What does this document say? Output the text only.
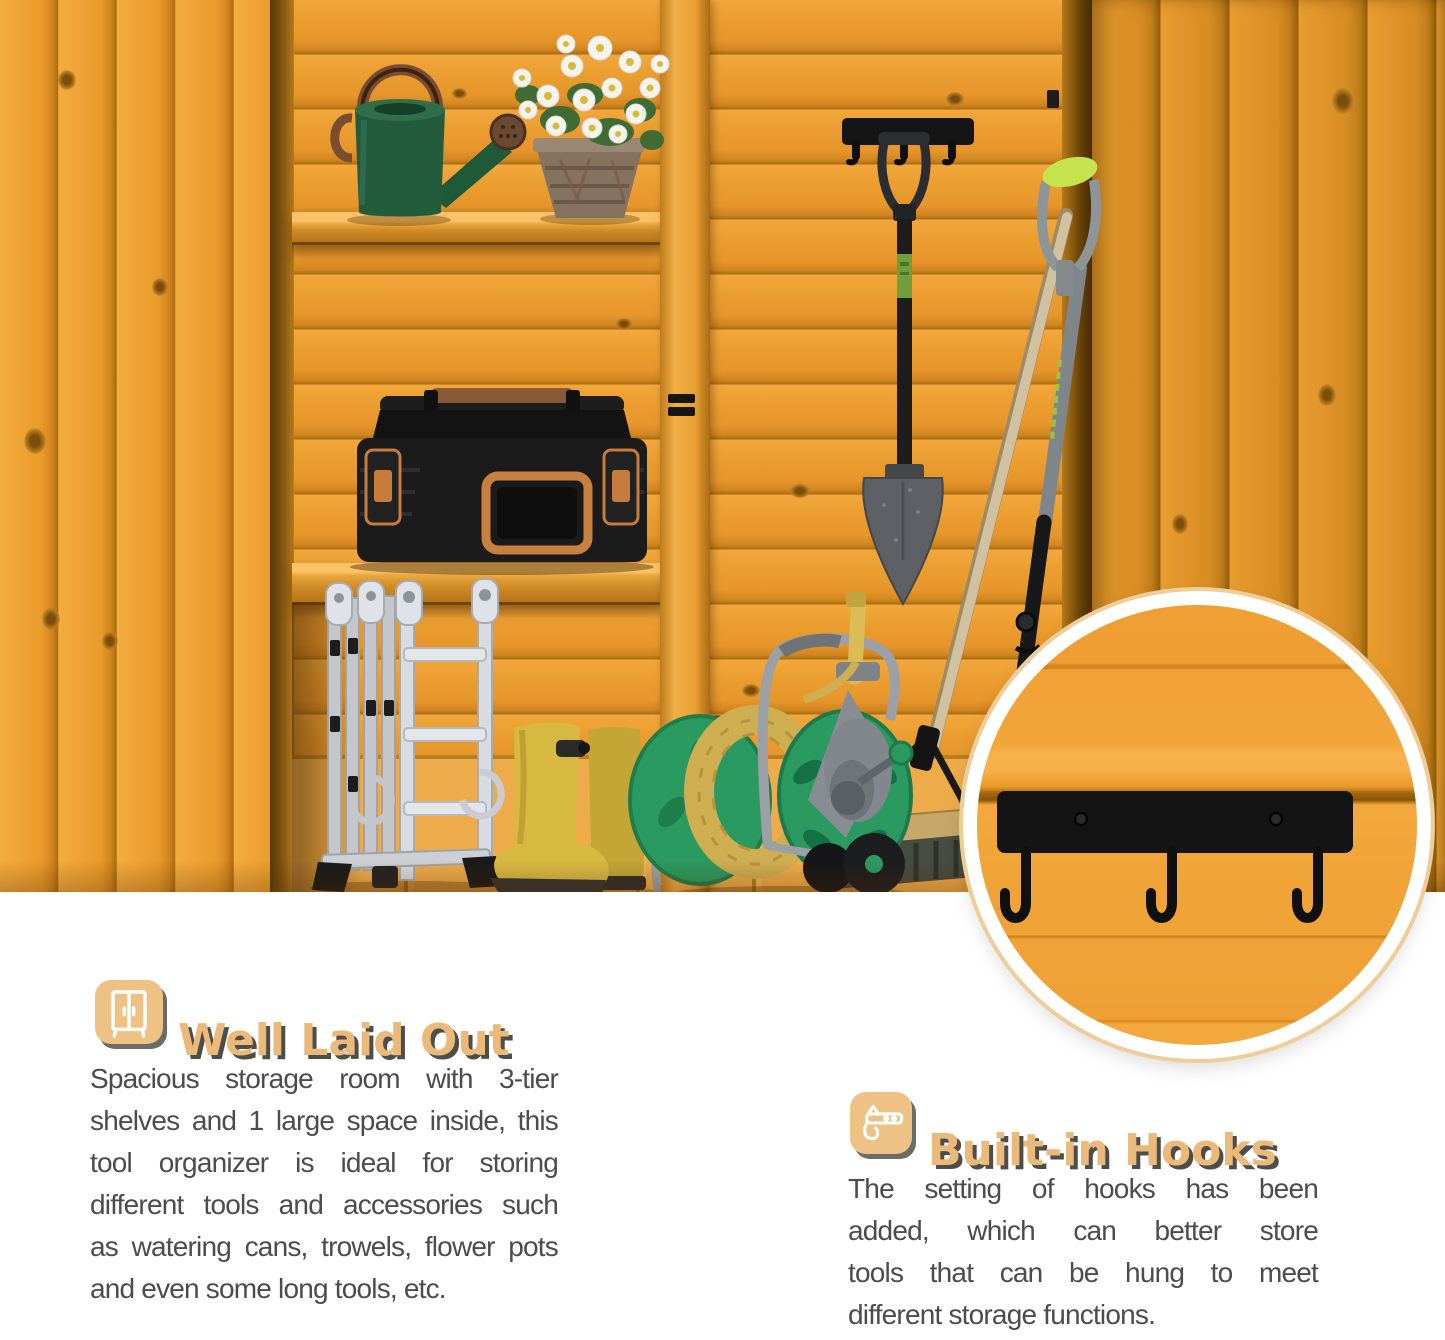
Well Laid Out
Spacious storage room with 3-tier
shelves and 1 large space inside, this
tool organizer is ideal for storing
different tools and accessories such
as watering cans, trowels, flower pots
and even some long tools, etc.
Built-in Hooks
The setting of hooks has been
added, which can better store
tools that can be hung to meet
different storage functions.
